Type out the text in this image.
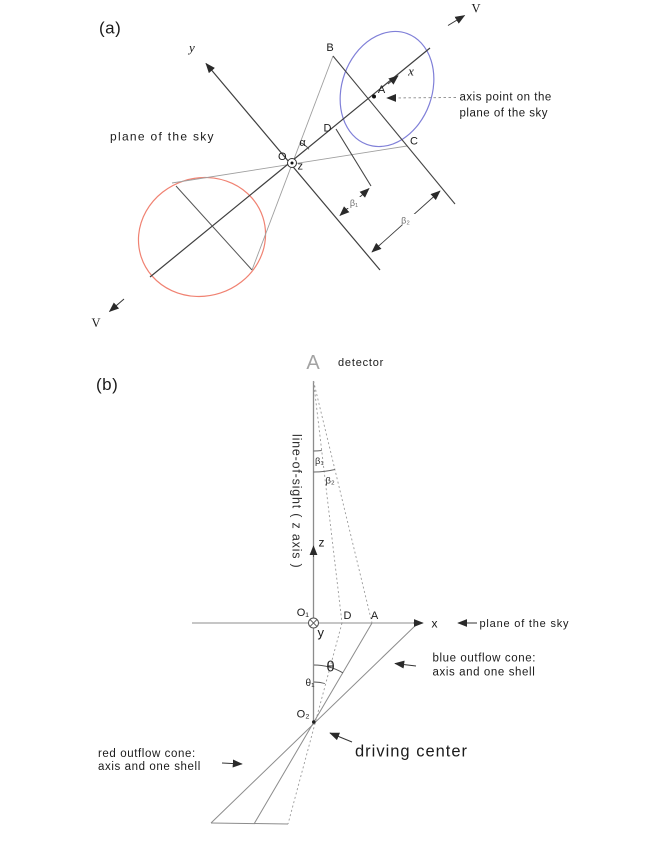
(a)
plane of the sky
axis point on the
plane of the sky
y
x
O
z
α
B
D
A
C
β₁
β₂
V
V
(b)
A detector
line-of-sight ( z axis )
O₁
y
x	plane of the sky
D A
z
β₁
β₂
θ
θ₁
O₂
driving center
blue outflow cone:
axis and one shell
red outflow cone:
axis and one shell
